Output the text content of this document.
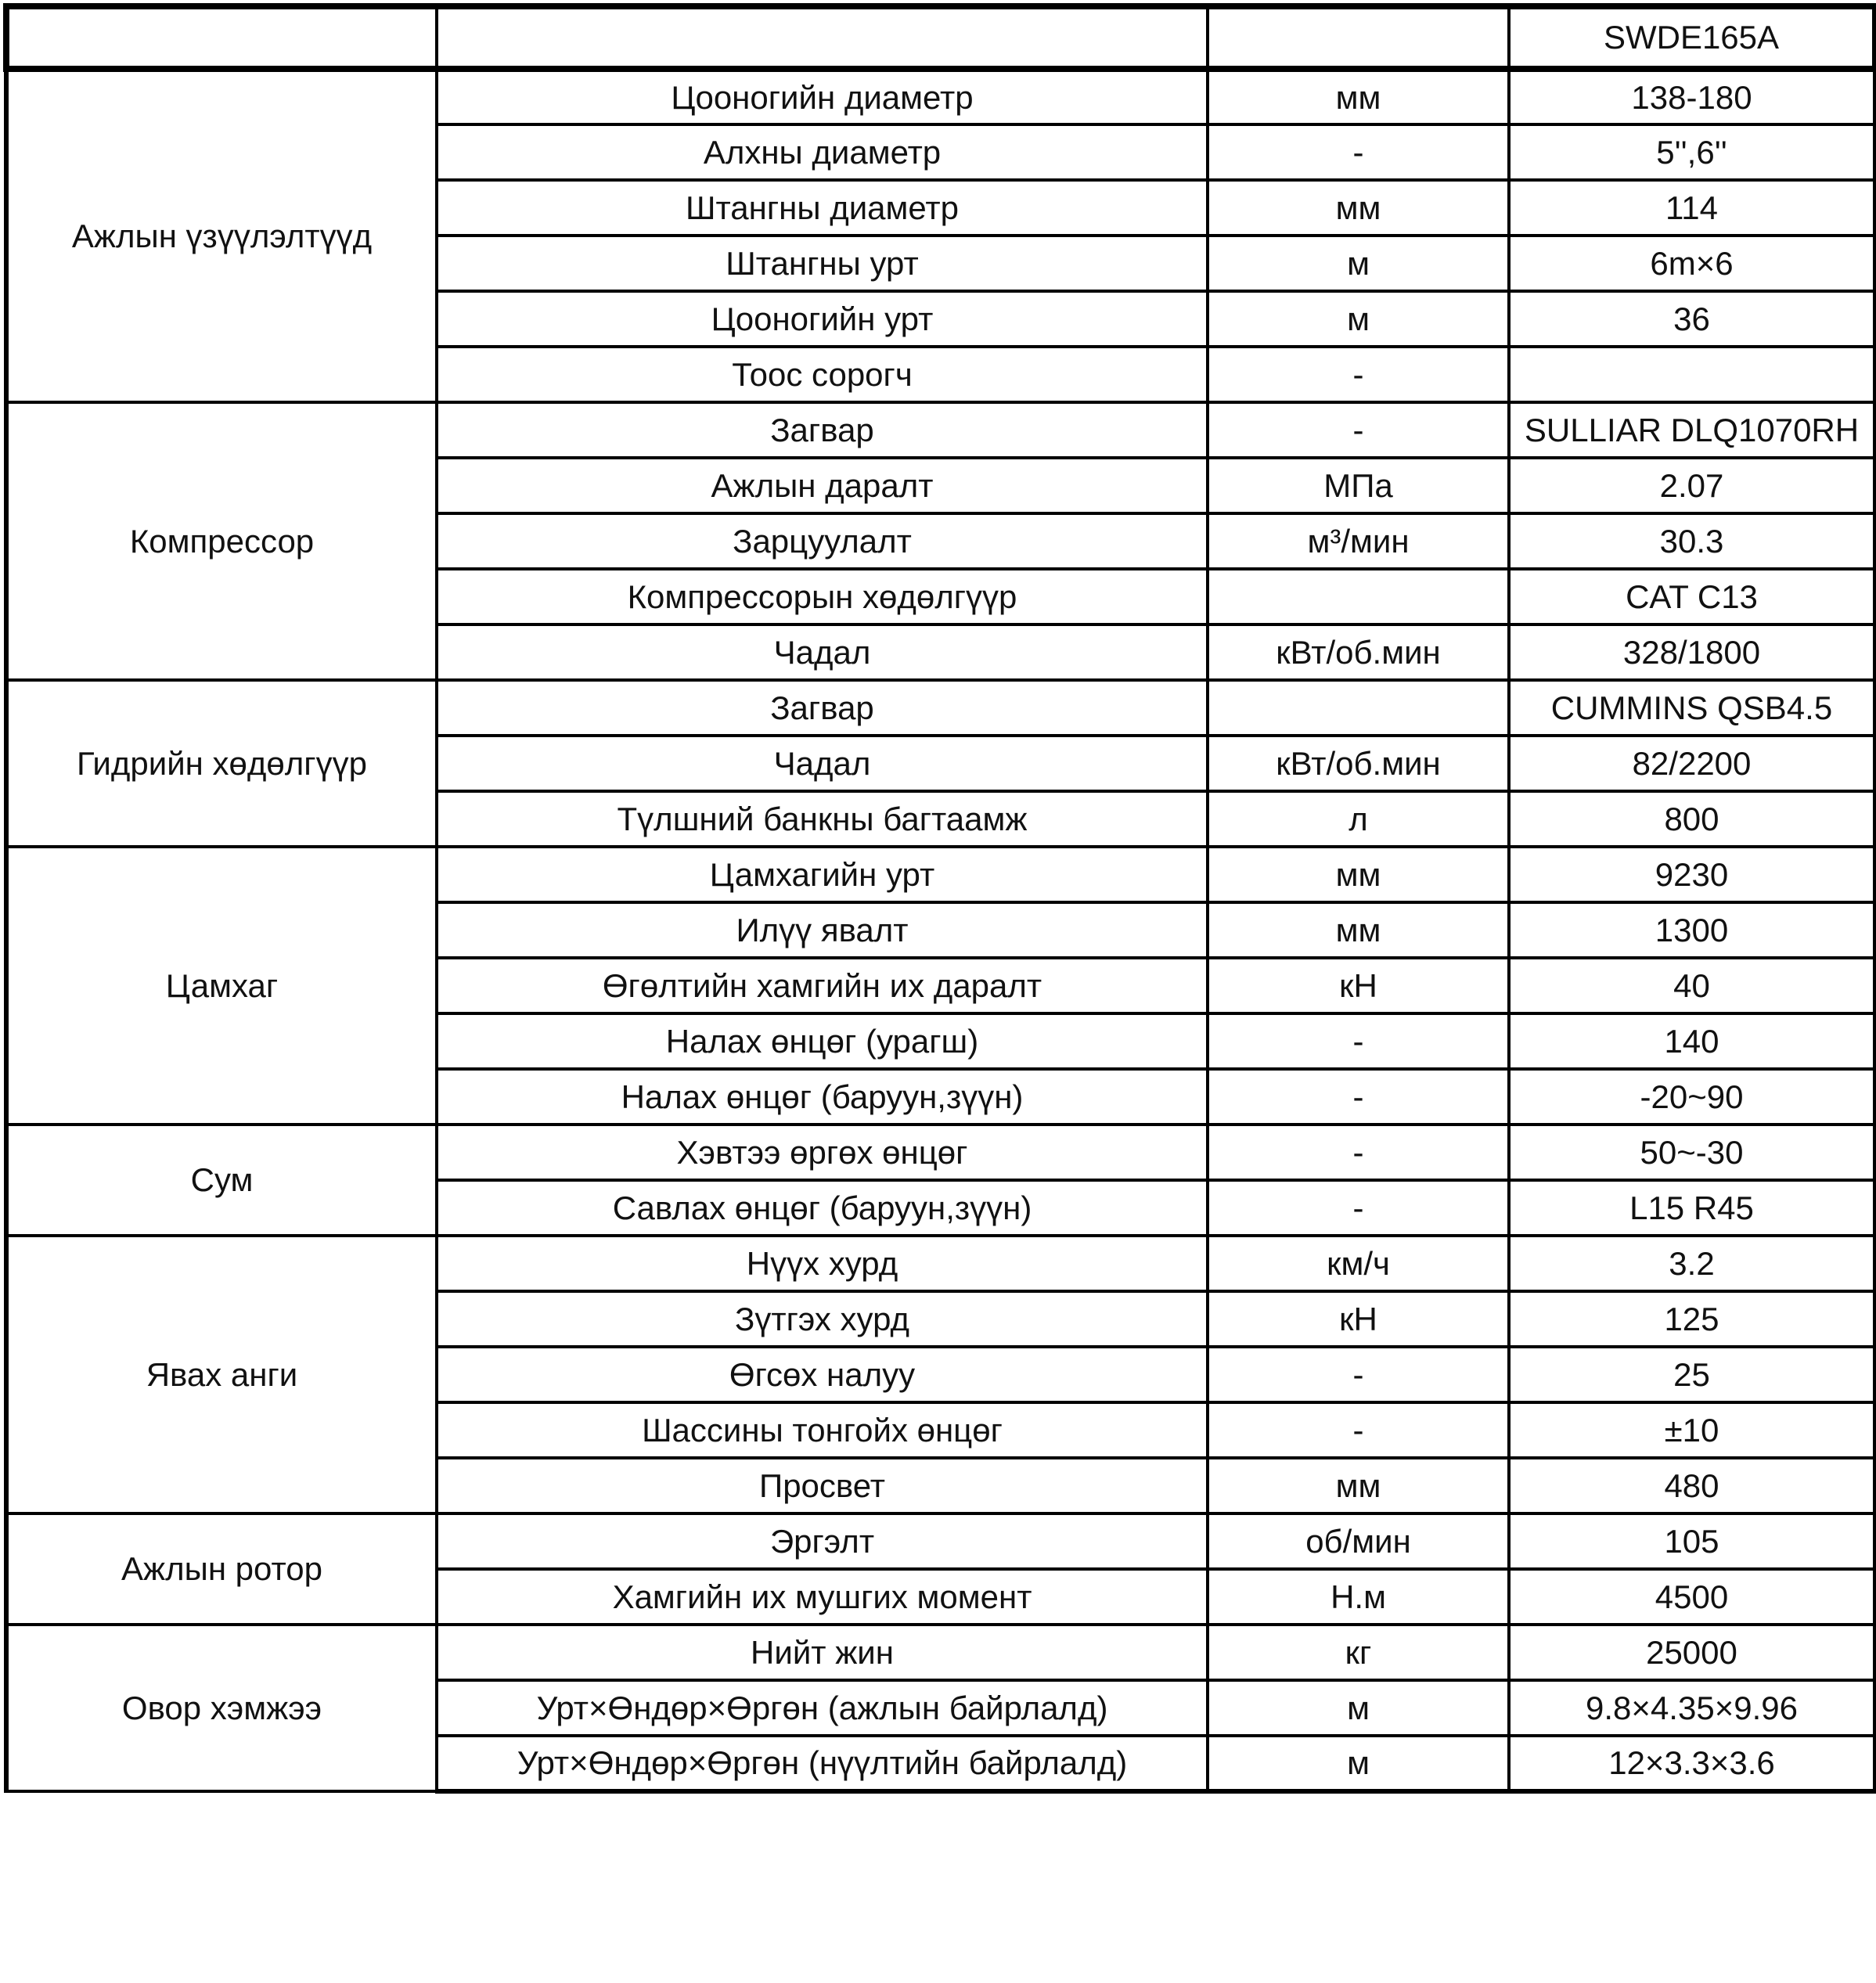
			SWDE165A
Ажлын үзүүлэлтүүд	Цооногийн диаметр	мм	138-180
	Алхны диаметр	-	5'',6''
	Штангны диаметр	мм	114
	Штангны урт	м	6m×6
	Цооногийн урт	м	36
	Тоос сорогч	-	
Компрессор	Загвар	-	SULLIAR DLQ1070RH
	Ажлын даралт	МПа	2.07
	Зарцуулалт	м³/мин	30.3
	Компрессорын хөдөлгүүр		CAT C13
	Чадал	кВт/об.мин	328/1800
Гидрийн хөдөлгүүр	Загвар		CUMMINS QSB4.5
	Чадал	кВт/об.мин	82/2200
	Түлшний банкны багтаамж	л	800
Цамхаг	Цамхагийн урт	мм	9230
	Илүү явалт	мм	1300
	Өгөлтийн хамгийн их даралт	кН	40
	Налах өнцөг (урагш)	-	140
	Налах өнцөг (баруун,зүүн)	-	-20~90
Сум	Хэвтээ өргөх өнцөг	-	50~-30
	Савлах өнцөг (баруун,зүүн)	-	L15 R45
Явах анги	Нүүх хурд	км/ч	3.2
	Зүтгэх хурд	кН	125
	Өгсөх налуу	-	25
	Шассины тонгойх өнцөг	-	±10
	Просвет	мм	480
Ажлын ротор	Эргэлт	об/мин	105
	Хамгийн их мушгих момент	Н.м	4500
Овор хэмжээ	Нийт жин	кг	25000
	Урт×Өндөр×Өргөн (ажлын байрлалд)	м	9.8×4.35×9.96
	Урт×Өндөр×Өргөн (нүүлтийн байрлалд)	м	12×3.3×3.6
